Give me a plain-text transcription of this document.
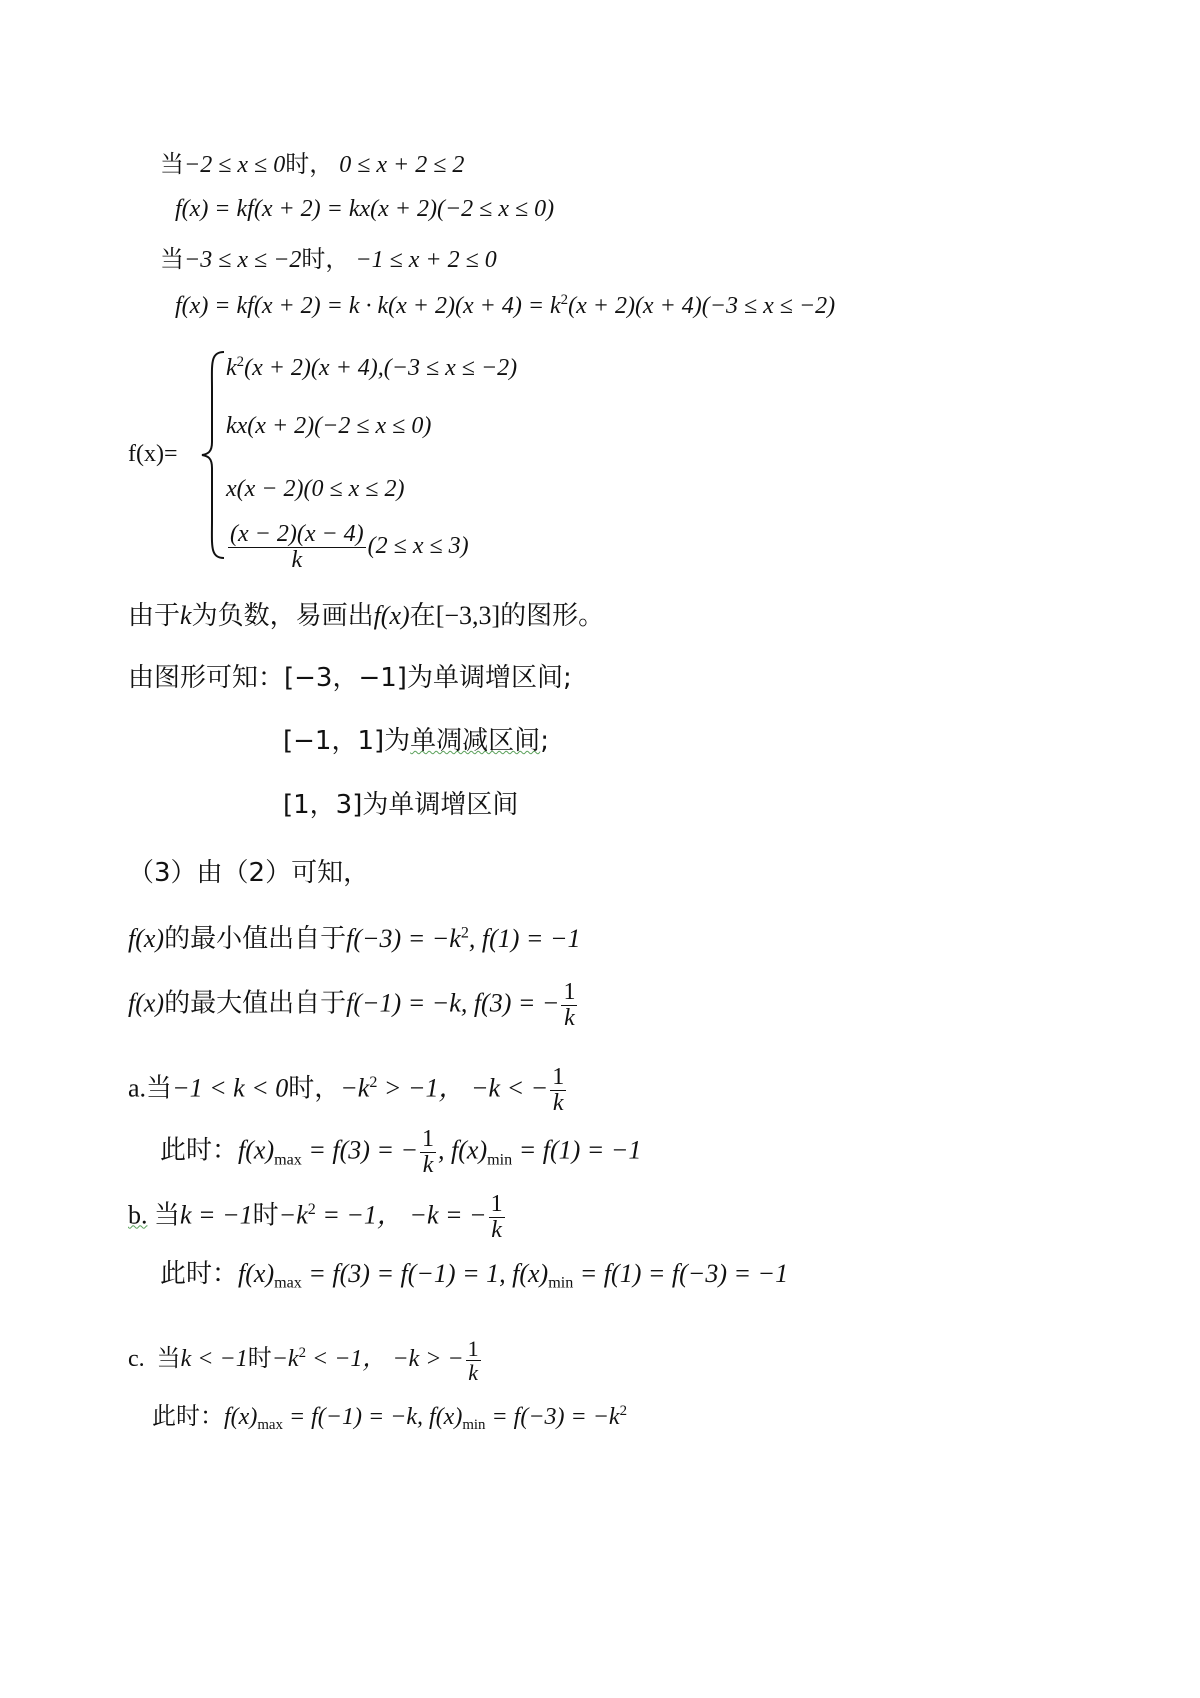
当−2 ≤ x ≤ 0时， 0 ≤ x + 2 ≤ 2
f(x) = kf(x + 2) = kx(x + 2)(−2 ≤ x ≤ 0)
当−3 ≤ x ≤ −2时， −1 ≤ x + 2 ≤ 0
$f(x) = kf(x + 2) = k \cdot k(x + 2)(x + 4) = k^2(x + 2)(x + 4)(-3 \le x \le -2)$
f(x)=
$k^2(x + 2)(x + 4),(-3 \le x \le -2)$
kx(x + 2)(−2 ≤ x ≤ 0)
x(x − 2)(0 ≤ x ≤ 2)
$\frac{(x - 2)(x - 4)}{k} (2 \le x \le 3)$
由于k为负数，易画出f(x)在[−3,3]的图形。
由图形可知：[−3，−1]为单调增区间;
[−1，1]为单凋减区间;
[1，3]为单调增区间
（3）由（2）可知，
f(x)的最小值出自于$f(-3) = -k^2$, f(1) = −1
f(x)的最大值出自于f(−1) = −k, f(3) = − $\frac{1}{k}$
a.当−1 < k < 0时，$-k^2 > -1$， −k < − $\frac{1}{k}$
此时：$f(x)_{max} = f(3)$ = − $\frac{1}{k}$ , $f(x)_{min} = f(1) = -1$
b. 当k = −1时$-k^2 = -1$， −k = − $\frac{1}{k}$
此时：$f(x)_{max} = f(3) = f(-1) = 1$, $f(x)_{min} = f(1) = f(-3) = -1$
c. 当k < −1时$-k^2 < -1$， −k > − $\frac{1}{k}$
此时：$f(x)_{max} = f(-1) = -k$, $f(x)_{min} = f(-3) = -k^2$
